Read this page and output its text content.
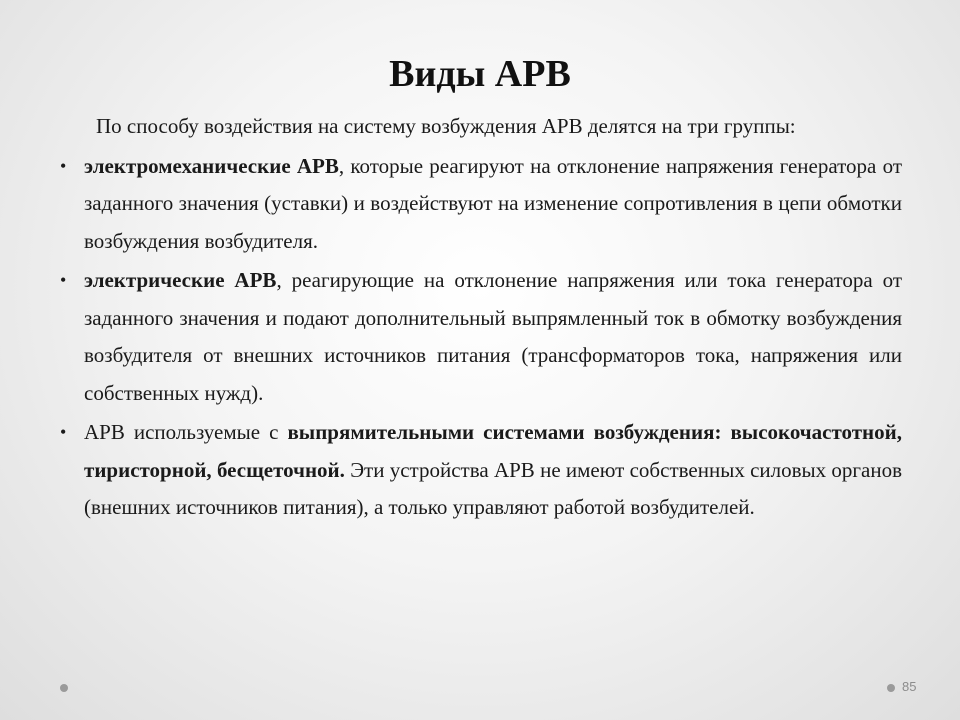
Виды АРВ

По способу воздействия на систему возбуждения АРВ делятся на три группы:

• электромеханические АРВ, которые реагируют на отклонение напряжения генератора от заданного значения (уставки) и воздействуют на изменение сопротивления в цепи обмотки возбуждения возбудителя.
• электрические АРВ, реагирующие на отклонение напряжения или тока генератора от заданного значения и подают дополнительный выпрямленный ток в обмотку возбуждения возбудителя от внешних источников питания (трансформаторов тока, напряжения или собственных нужд).
• АРВ используемые с выпрямительными системами возбуждения: высокочастотной, тиристорной, бесщеточной. Эти устройства АРВ не имеют собственных силовых органов (внешних источников питания), а только управляют работой возбудителей.
85
